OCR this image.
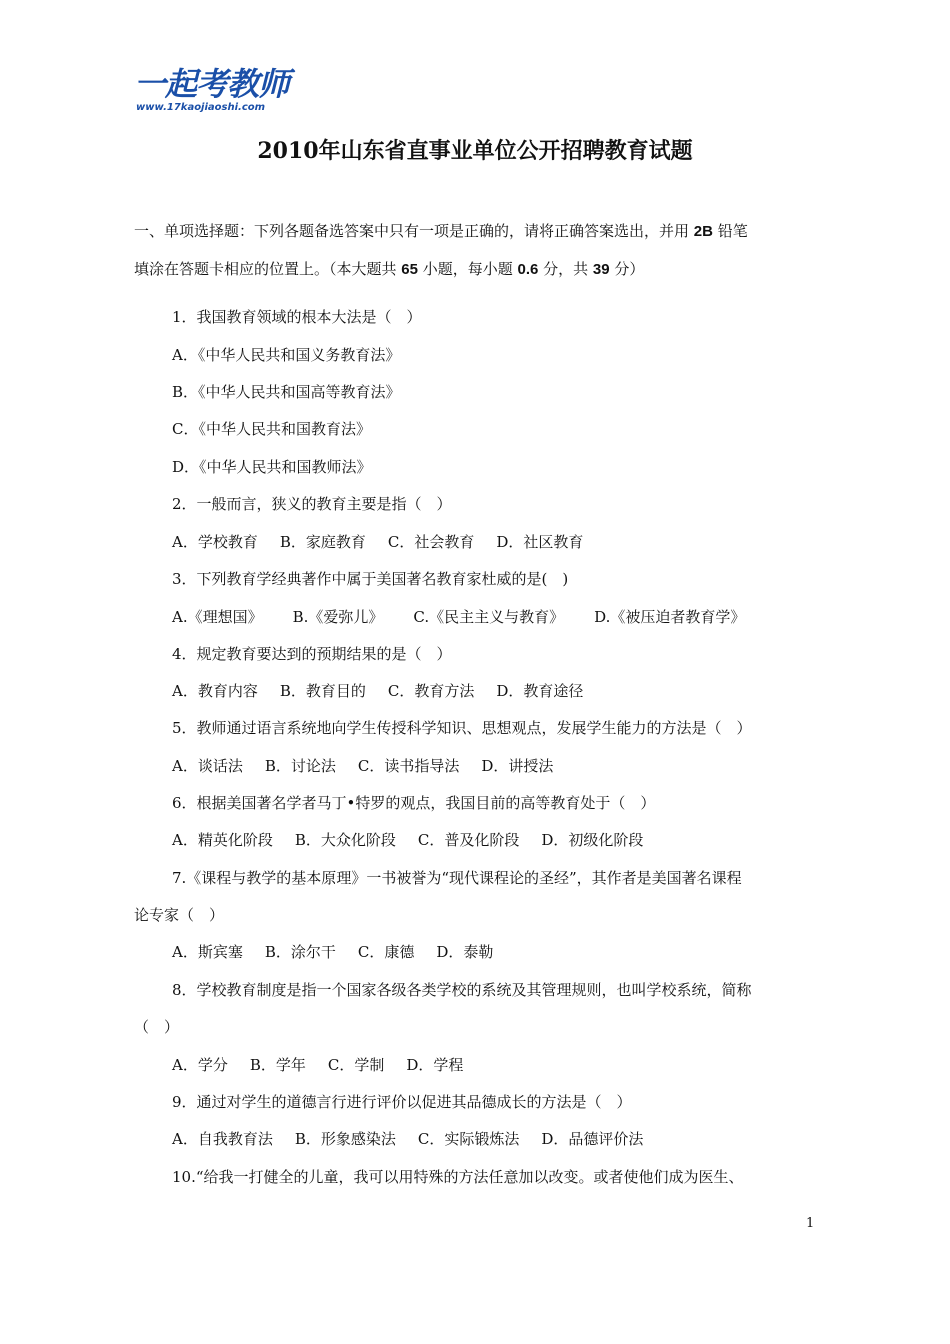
一起考教师
www.17kaojiaoshi.com
2010年山东省直事业单位公开招聘教育试题
一、单项选择题：下列各题备选答案中只有一项是正确的，请将正确答案选出，并用 2B 铅笔
填涂在答题卡相应的位置上。（本大题共 65 小题，每小题 0.6 分，共 39 分）
1．我国教育领域的根本大法是（　）
A．《中华人民共和国义务教育法》
B．《中华人民共和国高等教育法》
C．《中华人民共和国教育法》
D．《中华人民共和国教师法》
2．一般而言，狭义的教育主要是指（　）
A．学校教育 B．家庭教育 C．社会教育 D．社区教育
3．下列教育学经典著作中属于美国著名教育家杜威的是(　)
A.《理想国》 B.《爱弥儿》 C.《民主主义与教育》 D.《被压迫者教育学》
4．规定教育要达到的预期结果的是（　）
A．教育内容 B．教育目的 C．教育方法 D．教育途径
5．教师通过语言系统地向学生传授科学知识、思想观点，发展学生能力的方法是（　）
A．谈话法 B．讨论法 C．读书指导法 D．讲授法
6．根据美国著名学者马丁•特罗的观点，我国目前的高等教育处于（　）
A．精英化阶段 B．大众化阶段 C．普及化阶段 D．初级化阶段
7.《课程与教学的基本原理》一书被誉为“现代课程论的圣经”，其作者是美国著名课程
论专家（　）
A．斯宾塞 B．涂尔干 C．康德 D．泰勒
8．学校教育制度是指一个国家各级各类学校的系统及其管理规则，也叫学校系统，简称
（　）
A．学分 B．学年 C．学制 D．学程
9．通过对学生的道德言行进行评价以促进其品德成长的方法是（　）
A．自我教育法 B．形象感染法 C．实际锻炼法 D．品德评价法
10.“给我一打健全的儿童，我可以用特殊的方法任意加以改变。或者使他们成为医生、
1
